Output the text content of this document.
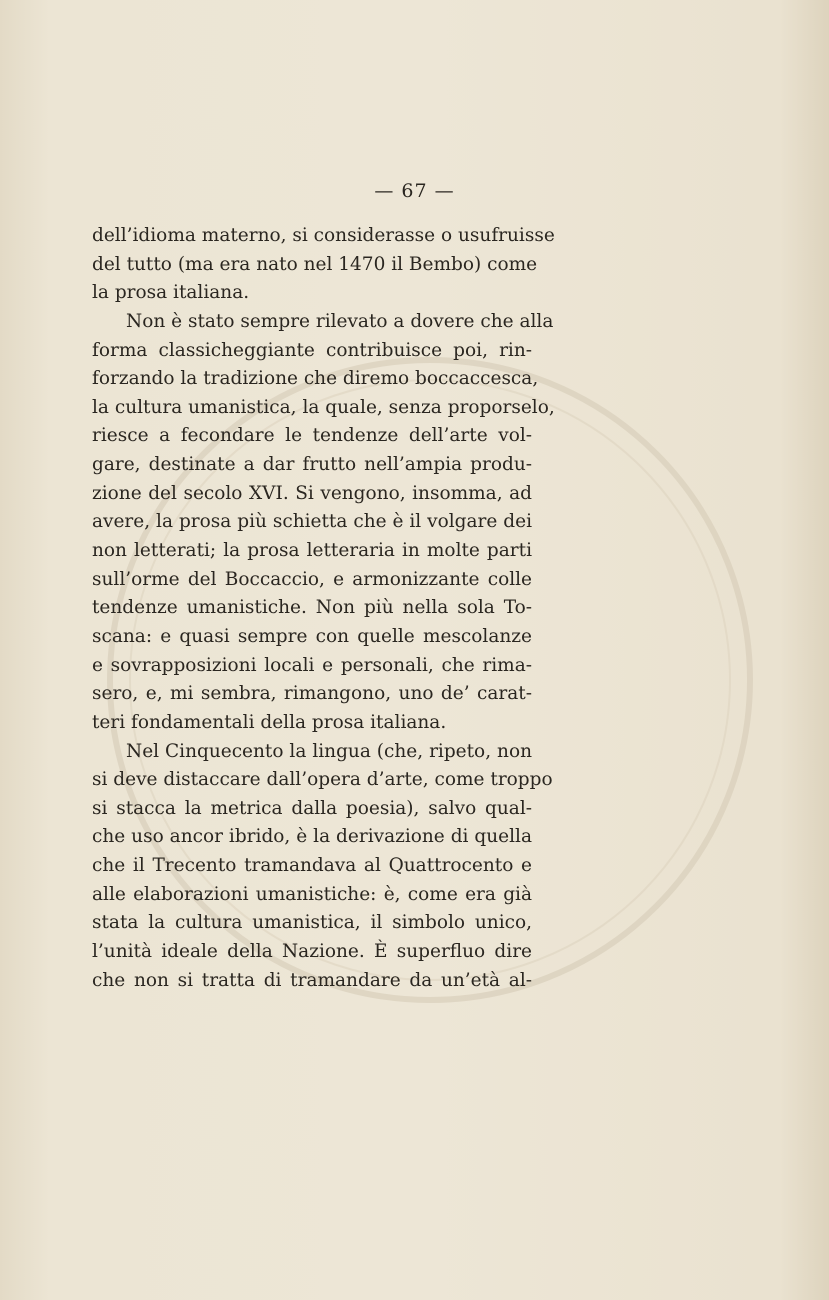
— 67 —
dell’idioma materno, si considerasse o usufruisse
del tutto (ma era nato nel 1470 il Bembo) come
la prosa italiana.
Non è stato sempre rilevato a dovere che alla
forma classicheggiante contribuisce poi, rin-
forzando la tradizione che diremo boccaccesca,
la cultura umanistica, la quale, senza proporselo,
riesce a fecondare le tendenze dell’arte vol-
gare, destinate a dar frutto nell’ampia produ-
zione del secolo XVI. Si vengono, insomma, ad
avere, la prosa più schietta che è il volgare dei
non letterati; la prosa letteraria in molte parti
sull’orme del Boccaccio, e armonizzante colle
tendenze umanistiche. Non più nella sola To-
scana: e quasi sempre con quelle mescolanze
e sovrapposizioni locali e personali, che rima-
sero, e, mi sembra, rimangono, uno de’ carat-
teri fondamentali della prosa italiana.
Nel Cinquecento la lingua (che, ripeto, non
si deve distaccare dall’opera d’arte, come troppo
si stacca la metrica dalla poesia), salvo qual-
che uso ancor ibrido, è la derivazione di quella
che il Trecento tramandava al Quattrocento e
alle elaborazioni umanistiche: è, come era già
stata la cultura umanistica, il simbolo unico,
l’unità ideale della Nazione. È superfluo dire
che non si tratta di tramandare da un’età al-
